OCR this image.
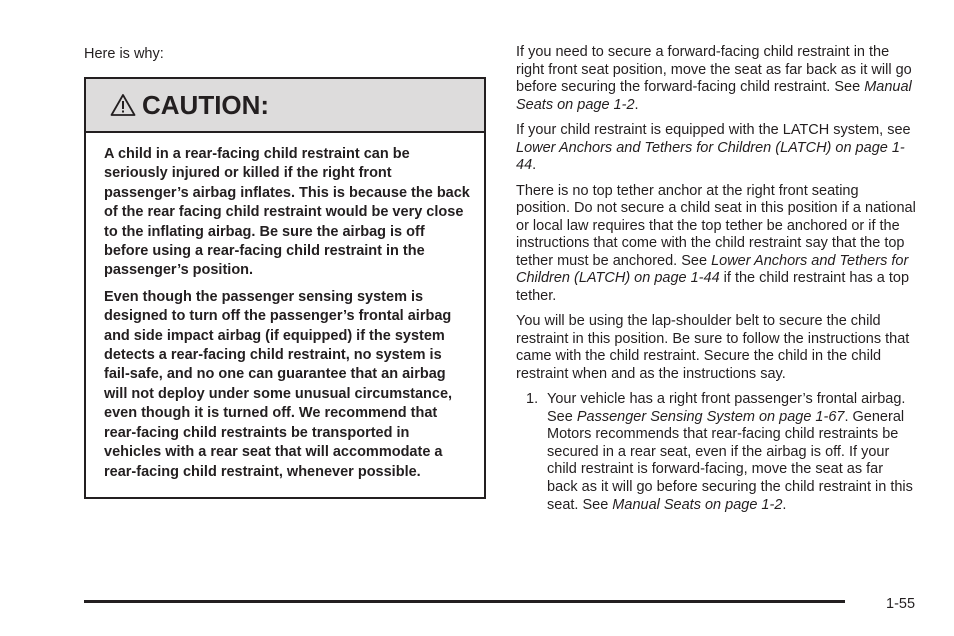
Here is why:
CAUTION:

A child in a rear-facing child restraint can be seriously injured or killed if the right front passenger’s airbag inflates. This is because the back of the rear facing child restraint would be very close to the inflating airbag. Be sure the airbag is off before using a rear-facing child restraint in the passenger’s position.

Even though the passenger sensing system is designed to turn off the passenger’s frontal airbag and side impact airbag (if equipped) if the system detects a rear-facing child restraint, no system is fail-safe, and no one can guarantee that an airbag will not deploy under some unusual circumstance, even though it is turned off. We recommend that rear-facing child restraints be transported in vehicles with a rear seat that will accommodate a rear-facing child restraint, whenever possible.

If you need to secure a forward-facing child restraint in the right front seat position, move the seat as far back as it will go before securing the forward-facing child restraint. See Manual Seats on page 1-2.

If your child restraint is equipped with the LATCH system, see Lower Anchors and Tethers for Children (LATCH) on page 1-44.

There is no top tether anchor at the right front seating position. Do not secure a child seat in this position if a national or local law requires that the top tether be anchored or if the instructions that come with the child restraint say that the top tether must be anchored. See Lower Anchors and Tethers for Children (LATCH) on page 1-44 if the child restraint has a top tether.

You will be using the lap-shoulder belt to secure the child restraint in this position. Be sure to follow the instructions that came with the child restraint. Secure the child in the child restraint when and as the instructions say.

1. Your vehicle has a right front passenger’s frontal airbag. See Passenger Sensing System on page 1-67. General Motors recommends that rear-facing child restraints be secured in a rear seat, even if the airbag is off. If your child restraint is forward-facing, move the seat as far back as it will go before securing the child restraint in this seat. See Manual Seats on page 1-2.
1-55
